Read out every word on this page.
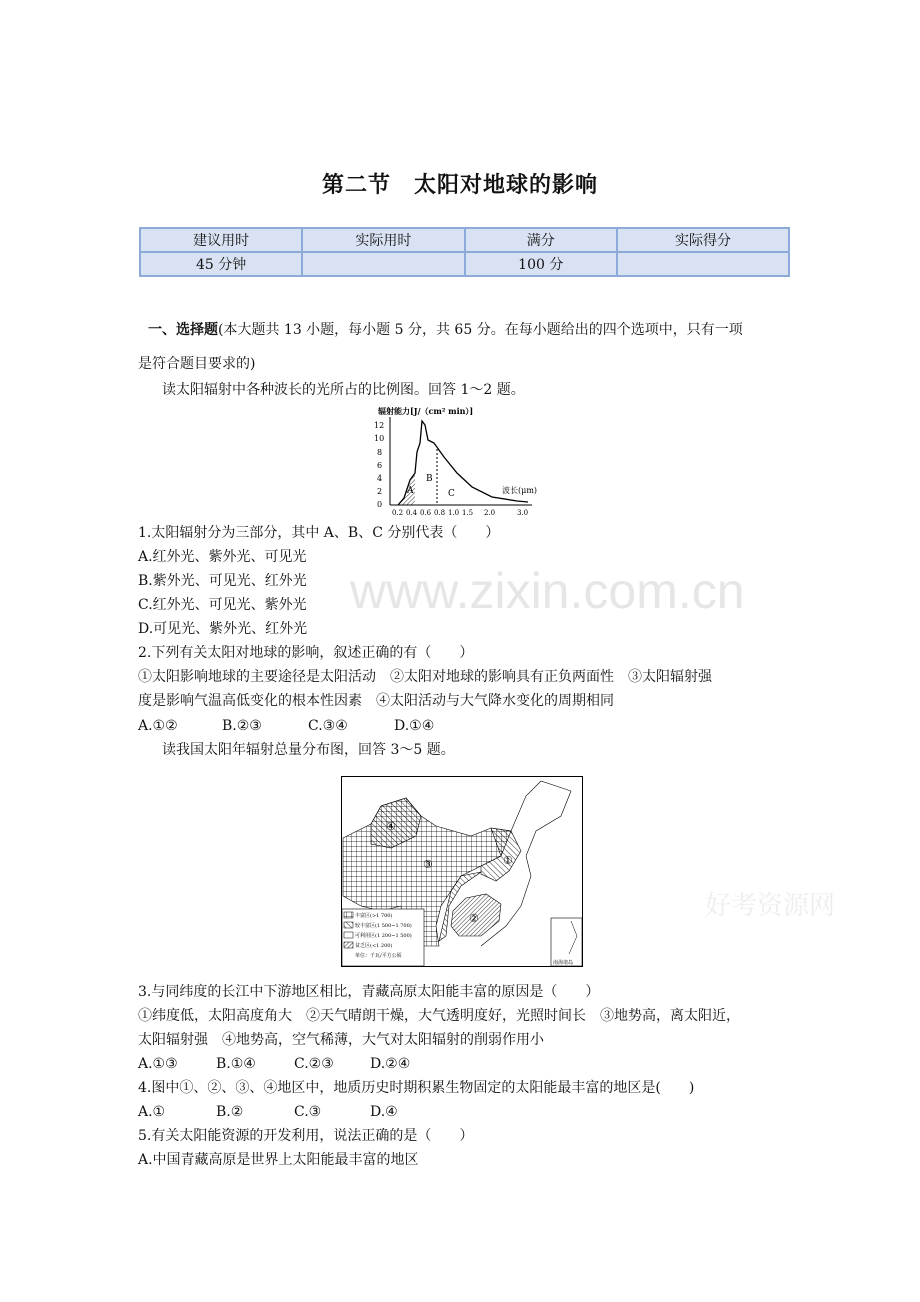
www.zixin.com.cn
好考资源网
第二节　太阳对地球的影响
建议用时	实际用时	满分	实际得分
45 分钟		100 分	
一、选择题(本大题共 13 小题，每小题 5 分，共 65 分。在每小题给出的四个选项中，只有一项
是符合题目要求的)
读太阳辐射中各种波长的光所占的比例图。回答 1～2 题。
辐射能力[J/（cm² min）]
12
10
8
6
4
2
0
0.2 0.4 0.6 0.8 1.0 1.5 2.0	3.0
A
B
C	波长(μm)
1.太阳辐射分为三部分，其中 A、B、C 分别代表（　　）
A.红外光、紫外光、可见光
B.紫外光、可见光、红外光
C.红外光、可见光、紫外光
D.可见光、紫外光、红外光
2.下列有关太阳对地球的影响，叙述正确的有（　　）
①太阳影响地球的主要途径是太阳活动　②太阳对地球的影响具有正负两面性　③太阳辐射强
度是影响气温高低变化的根本性因素　④太阳活动与大气降水变化的周期相同
A.①②	B.②③	C.③④	D.①④
读我国太阳年辐射总量分布图，回答 3～5 题。
④
①
②
③
丰富区(>1 700)
较丰富区(1 500~1 700)
可利用区(1 200~1 500)
贫乏区(<1 200)
单位：千瓦/平方公顷
南海诸岛
3.与同纬度的长江中下游地区相比，青藏高原太阳能丰富的原因是（　　）
①纬度低，太阳高度角大　②天气晴朗干燥，大气透明度好，光照时间长　③地势高，离太阳近，
太阳辐射强　④地势高，空气稀薄，大气对太阳辐射的削弱作用小
A.①③	B.①④	C.②③	D.②④
4.图中①、②、③、④地区中，地质历史时期积累生物固定的太阳能最丰富的地区是(　　)
A.①	B.②	C.③	D.④
5.有关太阳能资源的开发利用，说法正确的是（　　）
A.中国青藏高原是世界上太阳能最丰富的地区
